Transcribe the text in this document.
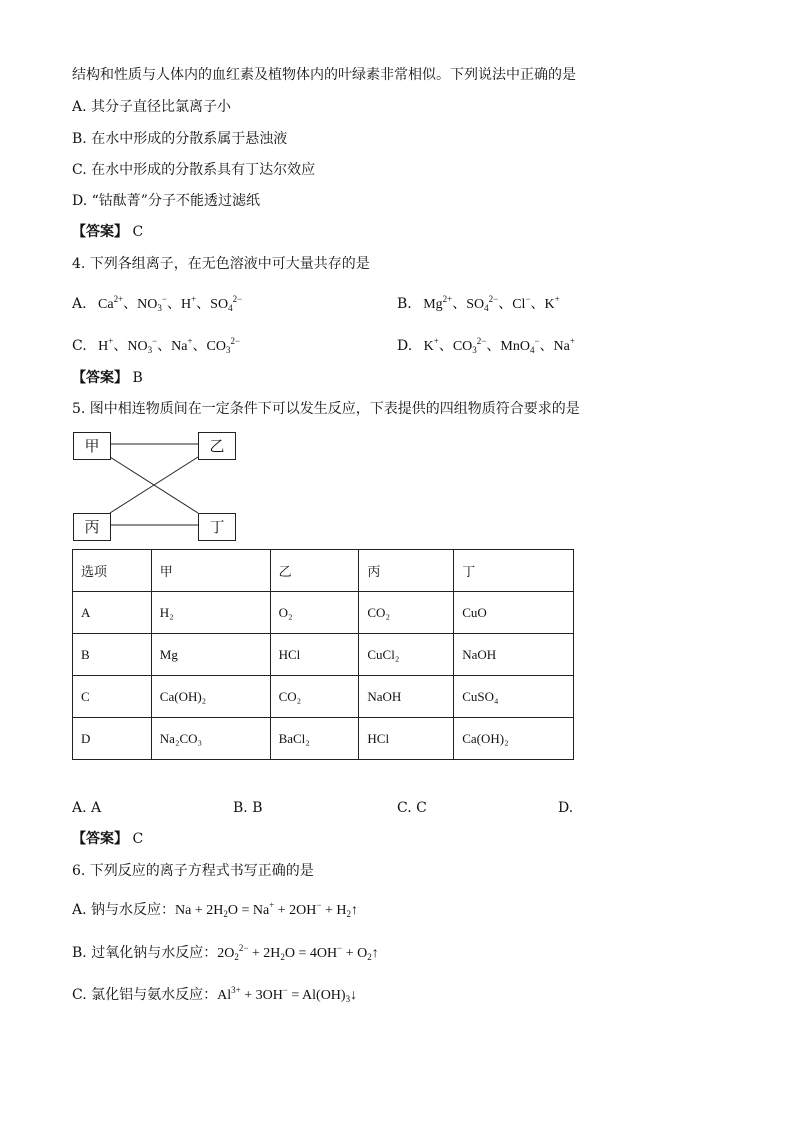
结构和性质与人体内的血红素及植物体内的叶绿素非常相似。下列说法中正确的是
A. 其分子直径比氯离子小
B. 在水中形成的分散系属于悬浊液
C. 在水中形成的分散系具有丁达尔效应
D. “钴酞菁”分子不能透过滤纸
【答案】 C
4. 下列各组离子，在无色溶液中可大量共存的是
A.   $Ca^{2+}$、$NO_3^-$、H+、$SO_4^{2-}$	B.   $Mg^{2+}$、$SO_4^{2-}$、Cl−、K+
C.   H+、$NO_3^-$、Na+、$CO_3^{2-}$	D.   K+、$CO_3^{2-}$、MnO$_4$−、Na+
【答案】 B
5. 图中相连物质间在一定条件下可以发生反应，下表提供的四组物质符合要求的是
甲	乙
丙	丁
选项	甲	乙	丙	丁
A	H₂	O₂	CO₂	CuO
B	Mg	HCl	CuCl₂	NaOH
C	Ca(OH)₂	CO₂	NaOH	CuSO₄
D	Na₂CO₃	BaCl₂	HCl	Ca(OH)₂
A. A	B. B	C. C	D.
【答案】 C
6. 下列反应的离子方程式书写正确的是
A. 钠与水反应：$Na + 2H_2O = Na^+ + 2OH^-$ + $H_2↑$
B. 过氧化钠与水反应：$2O_2^{2-} + 2H_2O = 4OH^-$ + $O_2↑$
C. 氯化铝与氨水反应：$Al^{3+} + 3OH^-$ = $Al(OH)_3↓$
